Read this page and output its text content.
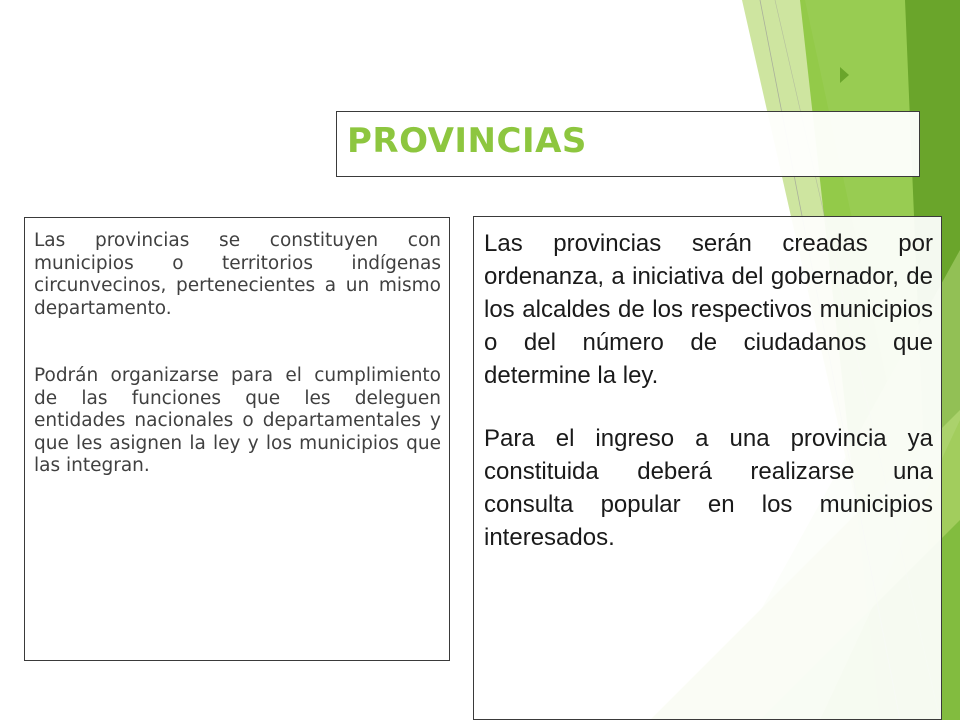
PROVINCIAS

Las provincias se constituyen con municipios o territorios indígenas circunvecinos, pertenecientes a un mismo departamento.

Podrán organizarse para el cumplimiento de las funciones que les deleguen entidades nacionales o departamentales y que les asignen la ley y los municipios que las integran.

Las provincias serán creadas por ordenanza, a iniciativa del gobernador, de los alcaldes de los respectivos municipios o del número de ciudadanos que determine la ley.

Para el ingreso a una provincia ya constituida deberá realizarse una consulta popular en los municipios interesados.
